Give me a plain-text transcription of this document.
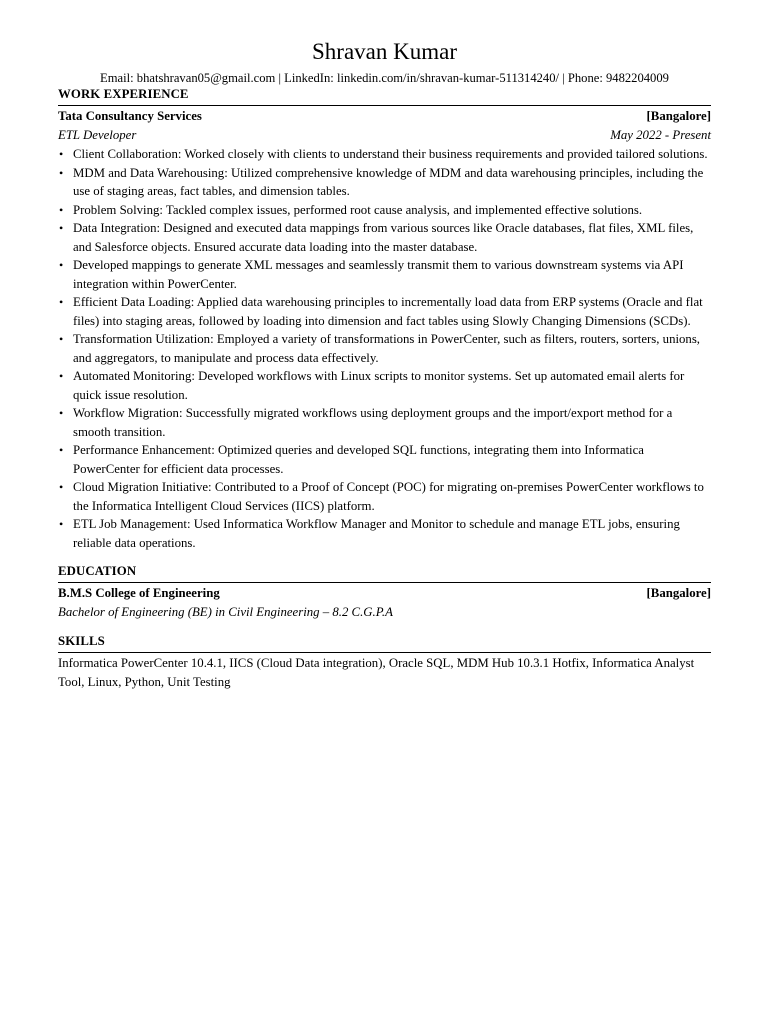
Shravan Kumar
Email: bhatshravan05@gmail.com | LinkedIn: linkedin.com/in/shravan-kumar-511314240/ | Phone: 9482204009
WORK EXPERIENCE
Tata Consultancy Services	[Bangalore]
ETL Developer	May 2022 - Present
• Client Collaboration: Worked closely with clients to understand their business requirements and provided tailored solutions.
• MDM and Data Warehousing: Utilized comprehensive knowledge of MDM and data warehousing principles, including the use of staging areas, fact tables, and dimension tables.
• Problem Solving: Tackled complex issues, performed root cause analysis, and implemented effective solutions.
• Data Integration: Designed and executed data mappings from various sources like Oracle databases, flat files, XML files, and Salesforce objects. Ensured accurate data loading into the master database.
• Developed mappings to generate XML messages and seamlessly transmit them to various downstream systems via API integration within PowerCenter.
• Efficient Data Loading: Applied data warehousing principles to incrementally load data from ERP systems (Oracle and flat files) into staging areas, followed by loading into dimension and fact tables using Slowly Changing Dimensions (SCDs).
• Transformation Utilization: Employed a variety of transformations in PowerCenter, such as filters, routers, sorters, unions, and aggregators, to manipulate and process data effectively.
• Automated Monitoring: Developed workflows with Linux scripts to monitor systems. Set up automated email alerts for quick issue resolution.
• Workflow Migration: Successfully migrated workflows using deployment groups and the import/export method for a smooth transition.
• Performance Enhancement: Optimized queries and developed SQL functions, integrating them into Informatica PowerCenter for efficient data processes.
• Cloud Migration Initiative: Contributed to a Proof of Concept (POC) for migrating on-premises PowerCenter workflows to the Informatica Intelligent Cloud Services (IICS) platform.
• ETL Job Management: Used Informatica Workflow Manager and Monitor to schedule and manage ETL jobs, ensuring reliable data operations.
EDUCATION
B.M.S College of Engineering	[Bangalore]
Bachelor of Engineering (BE) in Civil Engineering – 8.2 C.G.P.A
SKILLS
Informatica PowerCenter 10.4.1, IICS (Cloud Data integration), Oracle SQL, MDM Hub 10.3.1 Hotfix, Informatica Analyst Tool, Linux, Python, Unit Testing
